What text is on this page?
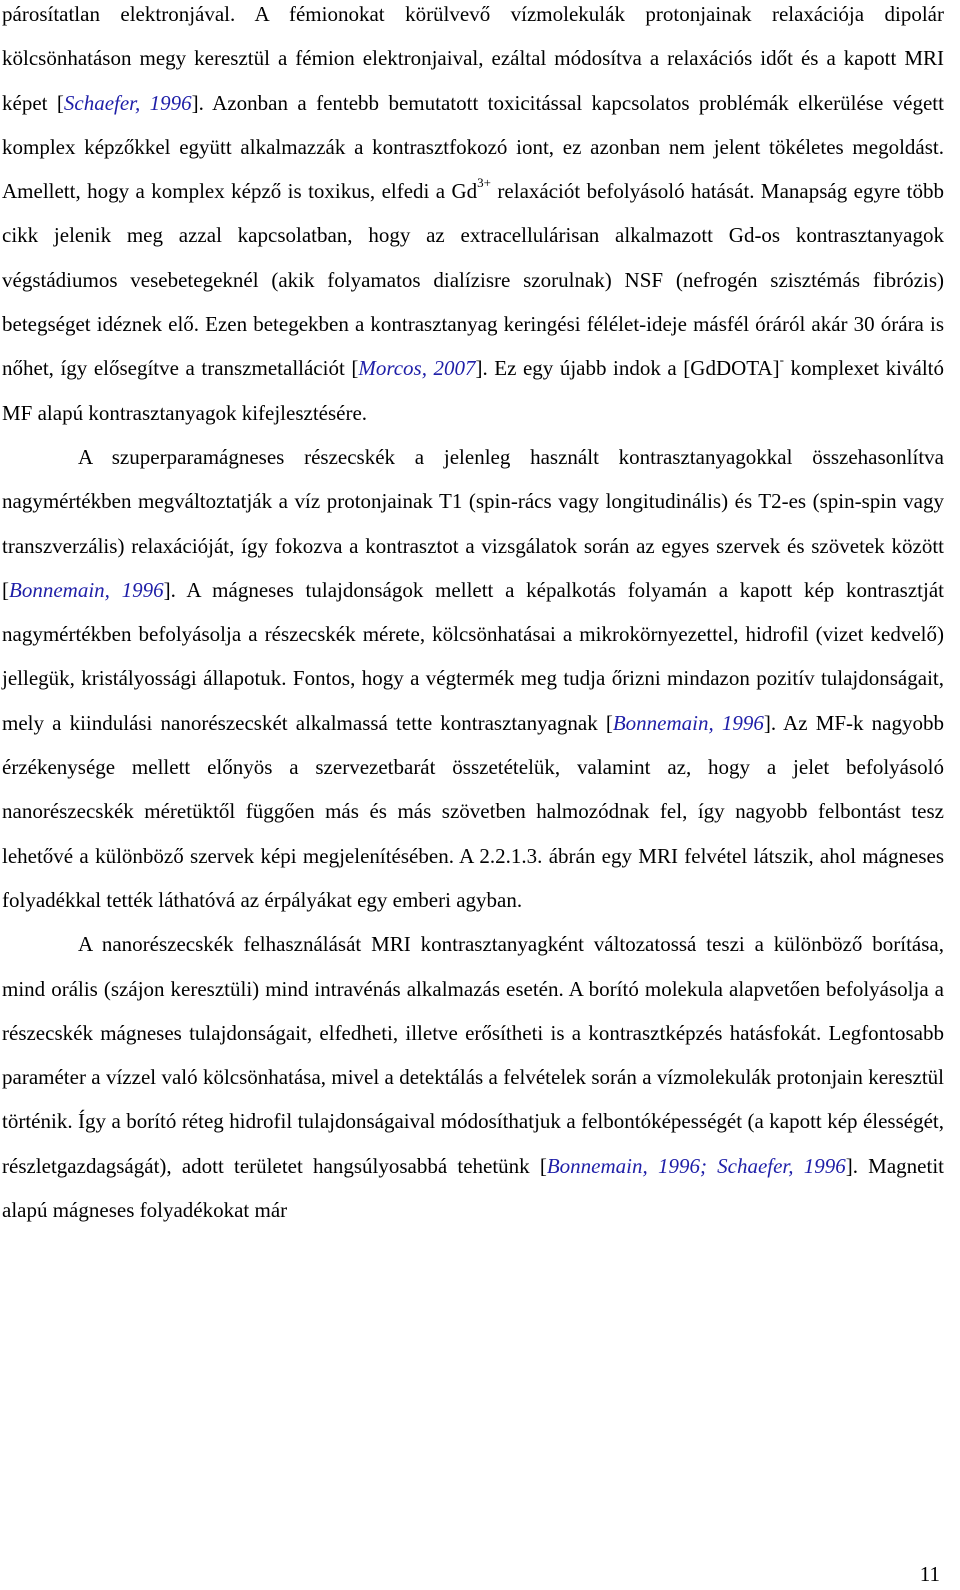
párosítatlan elektronjával. A fémionokat körülvevő vízmolekulák protonjainak relaxációja dipolár kölcsönhatáson megy keresztül a fémion elektronjaival, ezáltal módosítva a relaxációs időt és a kapott MRI képet [Schaefer, 1996]. Azonban a fentebb bemutatott toxicitással kapcsolatos problémák elkerülése végett komplex képzőkkel együtt alkalmazzák a kontrasztfokozó iont, ez azonban nem jelent tökéletes megoldást. Amellett, hogy a komplex képző is toxikus, elfedi a $Gd^{3+}$ relaxációt befolyásoló hatását. Manapság egyre több cikk jelenik meg azzal kapcsolatban, hogy az extracellulárisan alkalmazott Gd-os kontrasztanyagok végstádiumos vesebetegeknél (akik folyamatos dialízisre szorulnak) NSF (nefrogén szisztémás fibrózis) betegséget idéznek elő. Ezen betegekben a kontrasztanyag keringési félélet-ideje másfél óráról akár 30 órára is nőhet, így elősegítve a transzmetallációt [Morcos, 2007]. Ez egy újabb indok a [GdDOTA]- komplexet kiváltó MF alapú kontrasztanyagok kifejlesztésére.

A szuperparamágneses részecskék a jelenleg használt kontrasztanyagokkal összehasonlítva nagymértékben megváltoztatják a víz protonjainak T1 (spin-rács vagy longitudinális) és T2-es (spin-spin vagy transzverzális) relaxációját, így fokozva a kontrasztot a vizsgálatok során az egyes szervek és szövetek között [Bonnemain, 1996]. A mágneses tulajdonságok mellett a képalkotás folyamán a kapott kép kontrasztját nagymértékben befolyásolja a részecskék mérete, kölcsönhatásai a mikrokörnyezettel, hidrofil (vizet kedvelő) jellegük, kristályossági állapotuk. Fontos, hogy a végtermék meg tudja őrizni mindazon pozitív tulajdonságait, mely a kiindulási nanorészecskét alkalmassá tette kontrasztanyagnak [Bonnemain, 1996]. Az MF-k nagyobb érzékenysége mellett előnyös a szervezetbarát összetételük, valamint az, hogy a jelet befolyásoló nanorészecskék méretüktől függően más és más szövetben halmozódnak fel, így nagyobb felbontást tesz lehetővé a különböző szervek képi megjelenítésében. A 2.2.1.3. ábrán egy MRI felvétel látszik, ahol mágneses folyadékkal tették láthatóvá az érpályákat egy emberi agyban.

A nanorészecskék felhasználását MRI kontrasztanyagként változatossá teszi a különböző borítása, mind orális (szájon keresztüli) mind intravénás alkalmazás esetén. A borító molekula alapvetően befolyásolja a részecskék mágneses tulajdonságait, elfedheti, illetve erősítheti is a kontrasztképzés hatásfokát. Legfontosabb paraméter a vízzel való kölcsönhatása, mivel a detektálás a felvételek során a vízmolekulák protonjain keresztül történik. Így a borító réteg hidrofil tulajdonságaival módosíthatjuk a felbontóképességét (a kapott kép élességét, részletgazdagságát), adott területet hangsúlyosabbá tehetünk [Bonnemain, 1996; Schaefer, 1996]. Magnetit alapú mágneses folyadékokat már

11
